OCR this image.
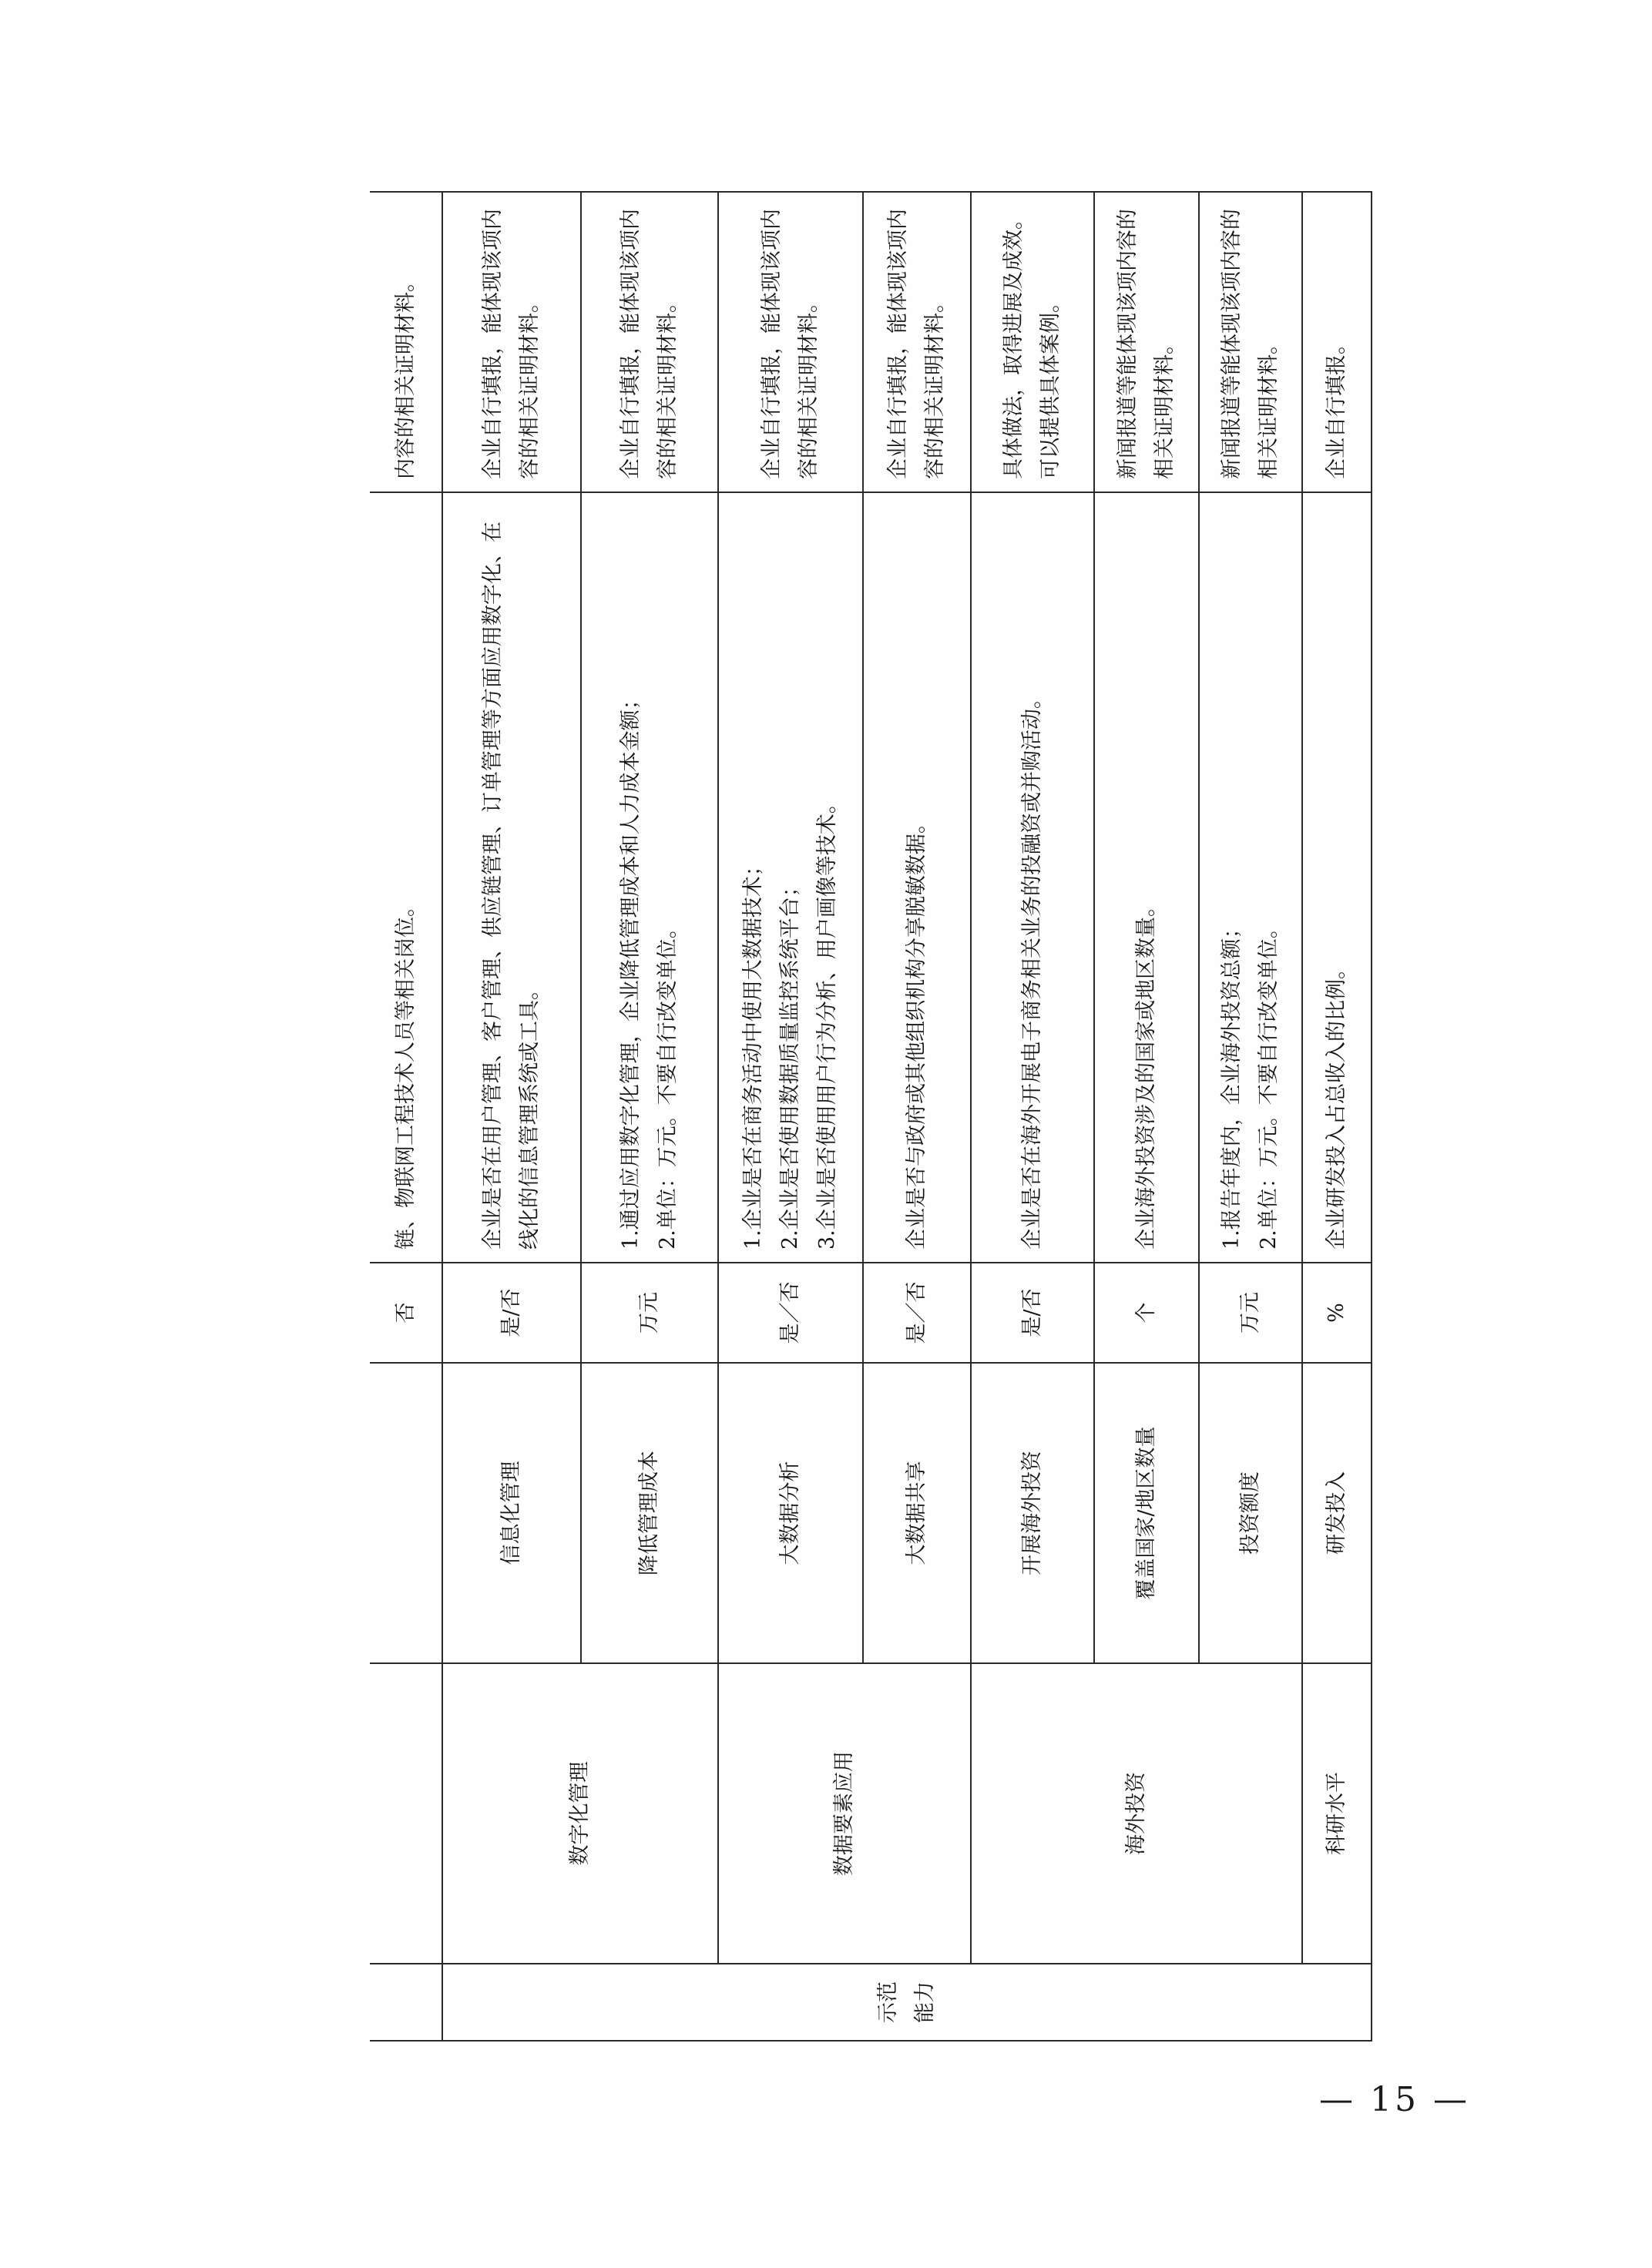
			否	链、物联网工程技术人员等相关岗位。	内容的相关证明材料。
示范能力	数字化管理	信息化管理	是/否	企业是否在用户管理、客户管理、供应链管理、订单管理等方面应用数字化、在线化的信息管理系统或工具。	企业自行填报，能体现该项内容的相关证明材料。
		降低管理成本	万元	1.通过应用数字化管理，企业降低管理成本和人力成本金额； 2.单位：万元。不要自行改变单位。	企业自行填报，能体现该项内容的相关证明材料。
	数据要素应用	大数据分析	是／否	1.企业是否在商务活动中使用大数据技术； 2.企业是否使用数据质量监控系统平台； 3.企业是否使用用户行为分析、用户画像等技术。	企业自行填报，能体现该项内容的相关证明材料。
		大数据共享	是／否	企业是否与政府或其他组织机构分享脱敏数据。	企业自行填报，能体现该项内容的相关证明材料。
	海外投资	开展海外投资	是/否	企业是否在海外开展电子商务相关业务的投融资或并购活动。	具体做法，取得进展及成效。可以提供具体案例。
		覆盖国家/地区数量	个	企业海外投资涉及的国家或地区数量。	新闻报道等能体现该项内容的相关证明材料。
		投资额度	万元	1.报告年度内，企业海外投资总额； 2.单位：万元。不要自行改变单位。	新闻报道等能体现该项内容的相关证明材料。
	科研水平	研发投入	%	企业研发投入占总收入的比例。	企业自行填报。
— 15 —
